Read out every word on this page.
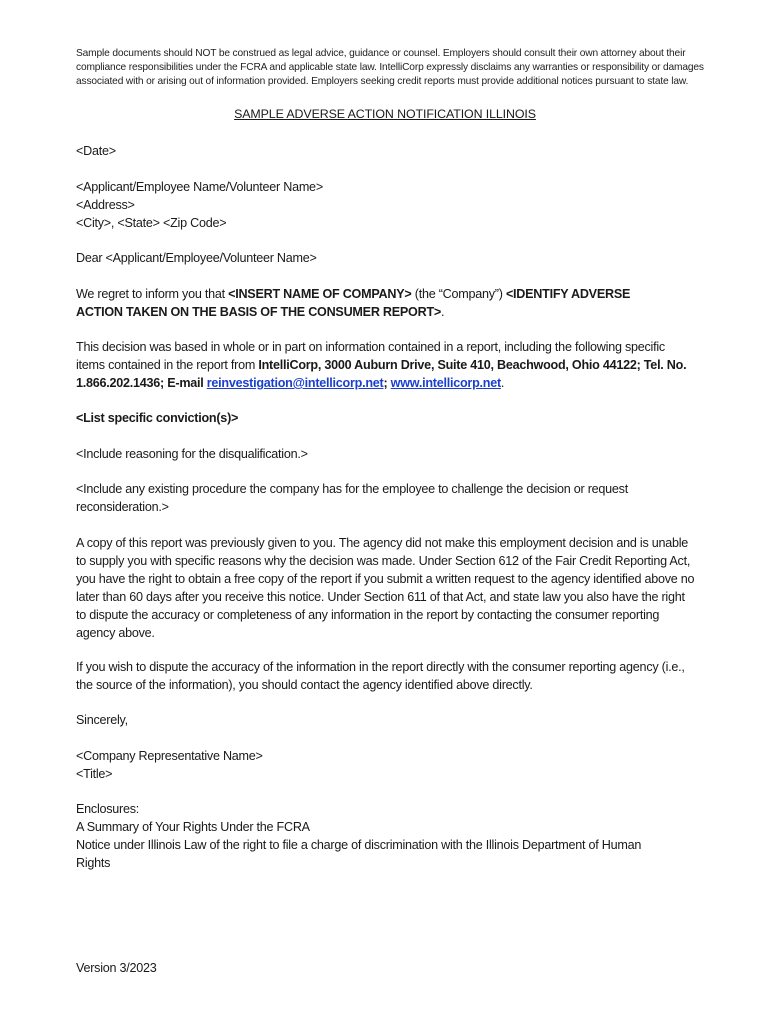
Sample documents should NOT be construed as legal advice, guidance or counsel. Employers should consult their own attorney about their compliance responsibilities under the FCRA and applicable state law. IntelliCorp expressly disclaims any warranties or responsibility or damages associated with or arising out of information provided. Employers seeking credit reports must provide additional notices pursuant to state law.
SAMPLE ADVERSE ACTION NOTIFICATION ILLINOIS
<Date>
<Applicant/Employee Name/Volunteer Name>
<Address>
<City>, <State> <Zip Code>
Dear <Applicant/Employee/Volunteer Name>
We regret to inform you that <INSERT NAME OF COMPANY> (the “Company”) <IDENTIFY ADVERSE ACTION TAKEN ON THE BASIS OF THE CONSUMER REPORT>.
This decision was based in whole or in part on information contained in a report, including the following specific items contained in the report from IntelliCorp, 3000 Auburn Drive, Suite 410, Beachwood, Ohio 44122; Tel. No. 1.866.202.1436; E-mail reinvestigation@intellicorp.net; www.intellicorp.net.
<List specific conviction(s)>
<Include reasoning for the disqualification.>
<Include any existing procedure the company has for the employee to challenge the decision or request reconsideration.>
A copy of this report was previously given to you. The agency did not make this employment decision and is unable to supply you with specific reasons why the decision was made. Under Section 612 of the Fair Credit Reporting Act, you have the right to obtain a free copy of the report if you submit a written request to the agency identified above no later than 60 days after you receive this notice. Under Section 611 of that Act, and state law you also have the right to dispute the accuracy or completeness of any information in the report by contacting the consumer reporting agency above.
If you wish to dispute the accuracy of the information in the report directly with the consumer reporting agency (i.e., the source of the information), you should contact the agency identified above directly.
Sincerely,
<Company Representative Name>
<Title>
Enclosures:
A Summary of Your Rights Under the FCRA
Notice under Illinois Law of the right to file a charge of discrimination with the Illinois Department of Human Rights
Version 3/2023
